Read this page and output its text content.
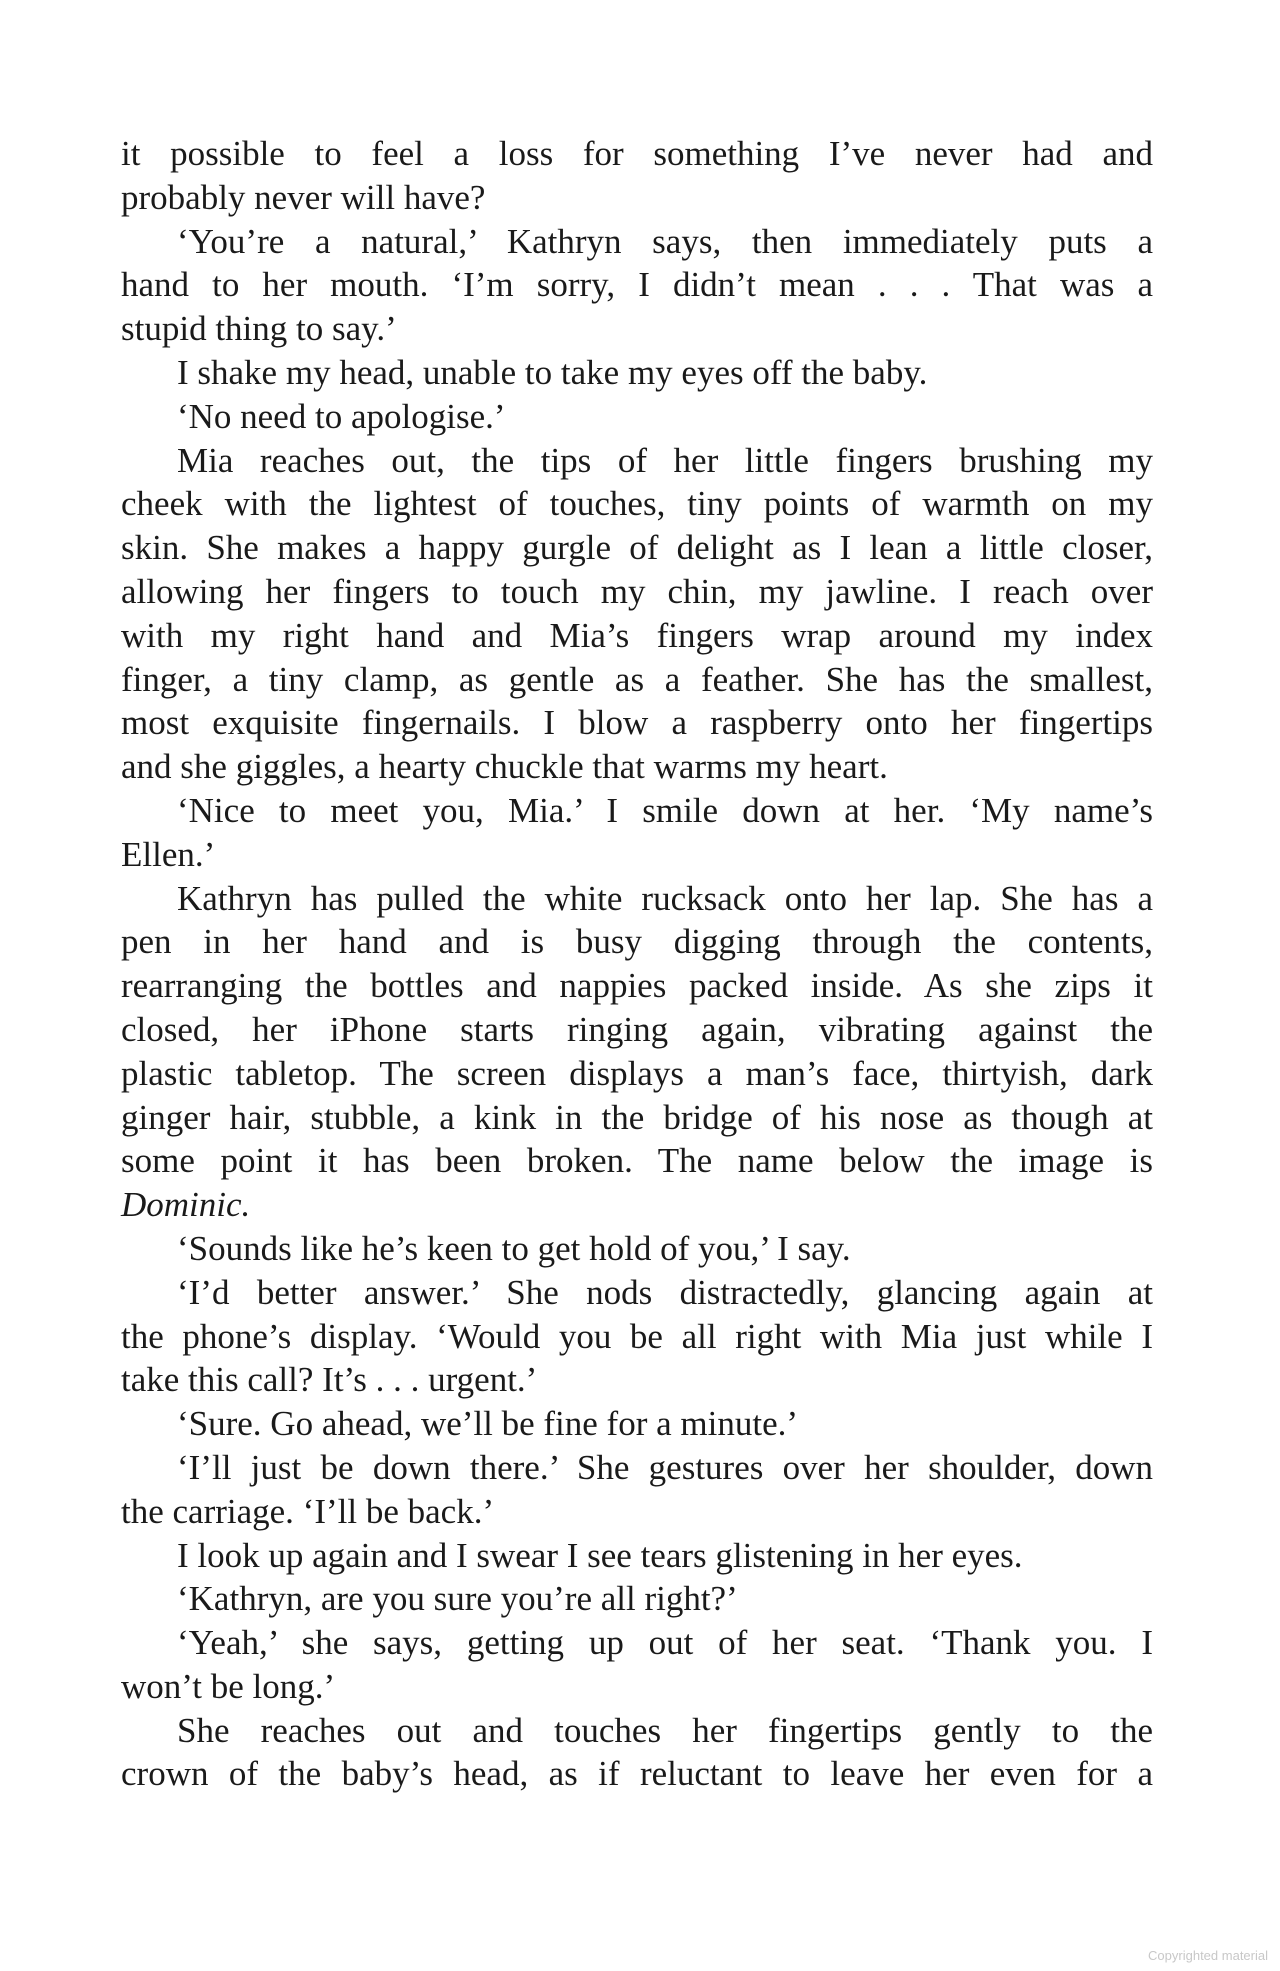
it possible to feel a loss for something I’ve never had and
probably never will have?
‘You’re a natural,’ Kathryn says, then immediately puts a
hand to her mouth. ‘I’m sorry, I didn’t mean . . . That was a
stupid thing to say.’
I shake my head, unable to take my eyes off the baby.
‘No need to apologise.’
Mia reaches out, the tips of her little fingers brushing my
cheek with the lightest of touches, tiny points of warmth on my
skin. She makes a happy gurgle of delight as I lean a little closer,
allowing her fingers to touch my chin, my jawline. I reach over
with my right hand and Mia’s fingers wrap around my index
finger, a tiny clamp, as gentle as a feather. She has the smallest,
most exquisite fingernails. I blow a raspberry onto her fingertips
and she giggles, a hearty chuckle that warms my heart.
‘Nice to meet you, Mia.’ I smile down at her. ‘My name’s
Ellen.’
Kathryn has pulled the white rucksack onto her lap. She has a
pen in her hand and is busy digging through the contents,
rearranging the bottles and nappies packed inside. As she zips it
closed, her iPhone starts ringing again, vibrating against the
plastic tabletop. The screen displays a man’s face, thirtyish, dark
ginger hair, stubble, a kink in the bridge of his nose as though at
some point it has been broken. The name below the image is
Dominic.
‘Sounds like he’s keen to get hold of you,’ I say.
‘I’d better answer.’ She nods distractedly, glancing again at
the phone’s display. ‘Would you be all right with Mia just while I
take this call? It’s . . . urgent.’
‘Sure. Go ahead, we’ll be fine for a minute.’
‘I’ll just be down there.’ She gestures over her shoulder, down
the carriage. ‘I’ll be back.’
I look up again and I swear I see tears glistening in her eyes.
‘Kathryn, are you sure you’re all right?’
‘Yeah,’ she says, getting up out of her seat. ‘Thank you. I
won’t be long.’
She reaches out and touches her fingertips gently to the
crown of the baby’s head, as if reluctant to leave her even for a
Copyrighted material
